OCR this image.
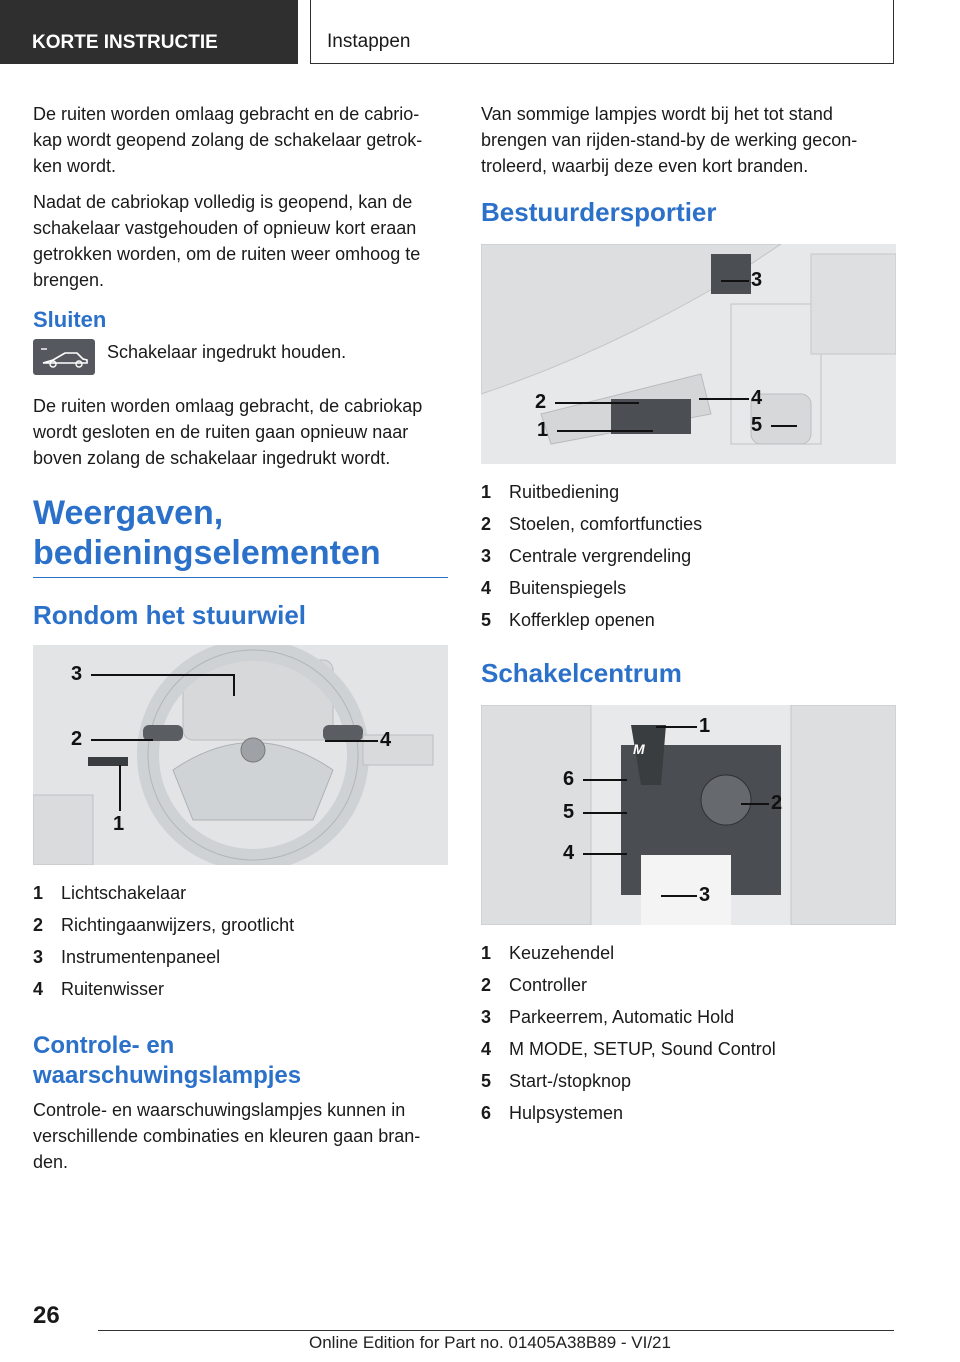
KORTE INSTRUCTIE	Instappen

De ruiten worden omlaag gebracht en de cabrio-kap wordt geopend zolang de schakelaar getrok-ken wordt.

Nadat de cabriokap volledig is geopend, kan de schakelaar vastgehouden of opnieuw kort eraan getrokken worden, om de ruiten weer omhoog te brengen.

Sluiten

Schakelaar ingedrukt houden.

De ruiten worden omlaag gebracht, de cabriokap wordt gesloten en de ruiten gaan opnieuw naar boven zolang de schakelaar ingedrukt wordt.

Weergaven, bedieningselementen
Rondom het stuurwiel
3
2	4
1
1 Lichtschakelaar
2 Richtingaanwijzers, grootlicht
3 Instrumentenpaneel
4 Ruitenwisser
Controle- en waarschuwingslampjes

Controle- en waarschuwingslampjes kunnen in verschillende combinaties en kleuren gaan bran-den.

Van sommige lampjes wordt bij het tot stand brengen van rijden-stand-by de werking gecon-troleerd, waarbij deze even kort branden.

Bestuurdersportier
3
2	4
1	5
1 Ruitbediening
2 Stoelen, comfortfuncties
3 Centrale vergrendeling
4 Buitenspiegels
5 Kofferklep openen
Schakelcentrum
M
1
6
2
5
4
3
1 Keuzehendel
2 Controller
3 Parkeerrem, Automatic Hold
4 M MODE, SETUP, Sound Control
5 Start-/stopknop
6 Hulpsystemen
26
Online Edition for Part no. 01405A38B89 - VI/21
